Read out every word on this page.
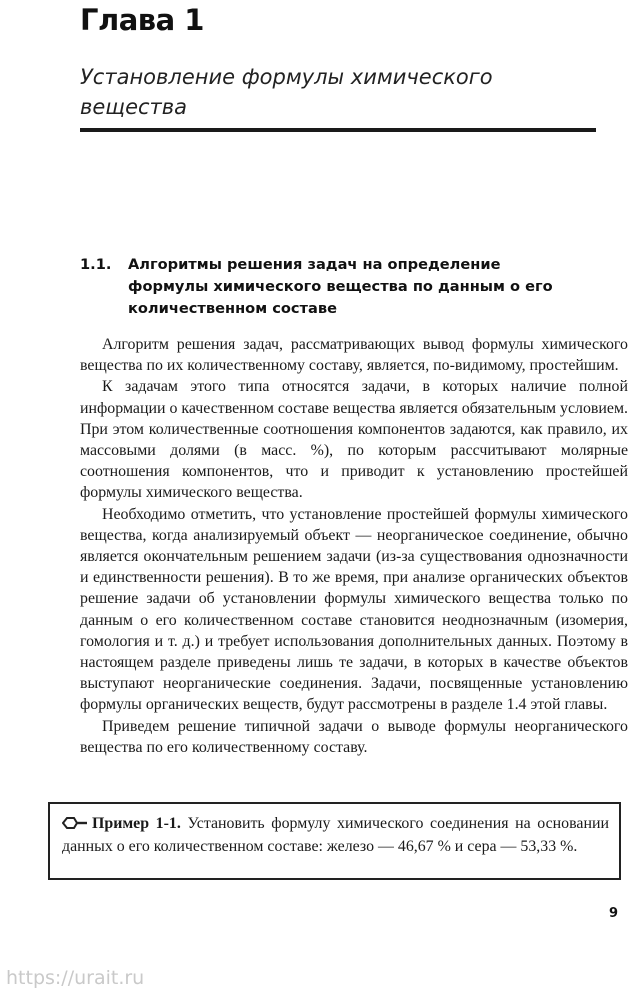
Глава 1
Установление формулы химического вещества
1.1.	Алгоритмы решения задач на определение формулы химического вещества по данным о его количественном составе

Алгоритм решения задач, рассматривающих вывод формулы химического вещества по их количественному составу, является, по-видимому, простейшим.

К задачам этого типа относятся задачи, в которых наличие полной информации о качественном составе вещества является обязательным условием. При этом количественные соотношения компонентов задаются, как правило, их массовыми долями (в масс. %), по которым рассчитывают молярные соотношения компонентов, что и приводит к установлению простейшей формулы химического вещества.

Необходимо отметить, что установление простейшей формулы химического вещества, когда анализируемый объект — неорганическое соединение, обычно является окончательным решением задачи (из-за существования однозначности и единственности решения). В то же время, при анализе органических объектов решение задачи об установлении формулы химического вещества только по данным о его количественном составе становится неоднозначным (изомерия, гомология и т. д.) и требует использования дополнительных данных. Поэтому в настоящем разделе приведены лишь те задачи, в которых в качестве объектов выступают неорганические соединения. Задачи, посвященные установлению формулы органических веществ, будут рассмотрены в разделе 1.4 этой главы.

Приведем решение типичной задачи о выводе формулы неорганического вещества по его количественному составу.

Пример 1-1. Установить формулу химического соединения на основании данных о его количественном составе: железо — 46,67 % и сера — 53,33 %.
9
https://urait.ru
